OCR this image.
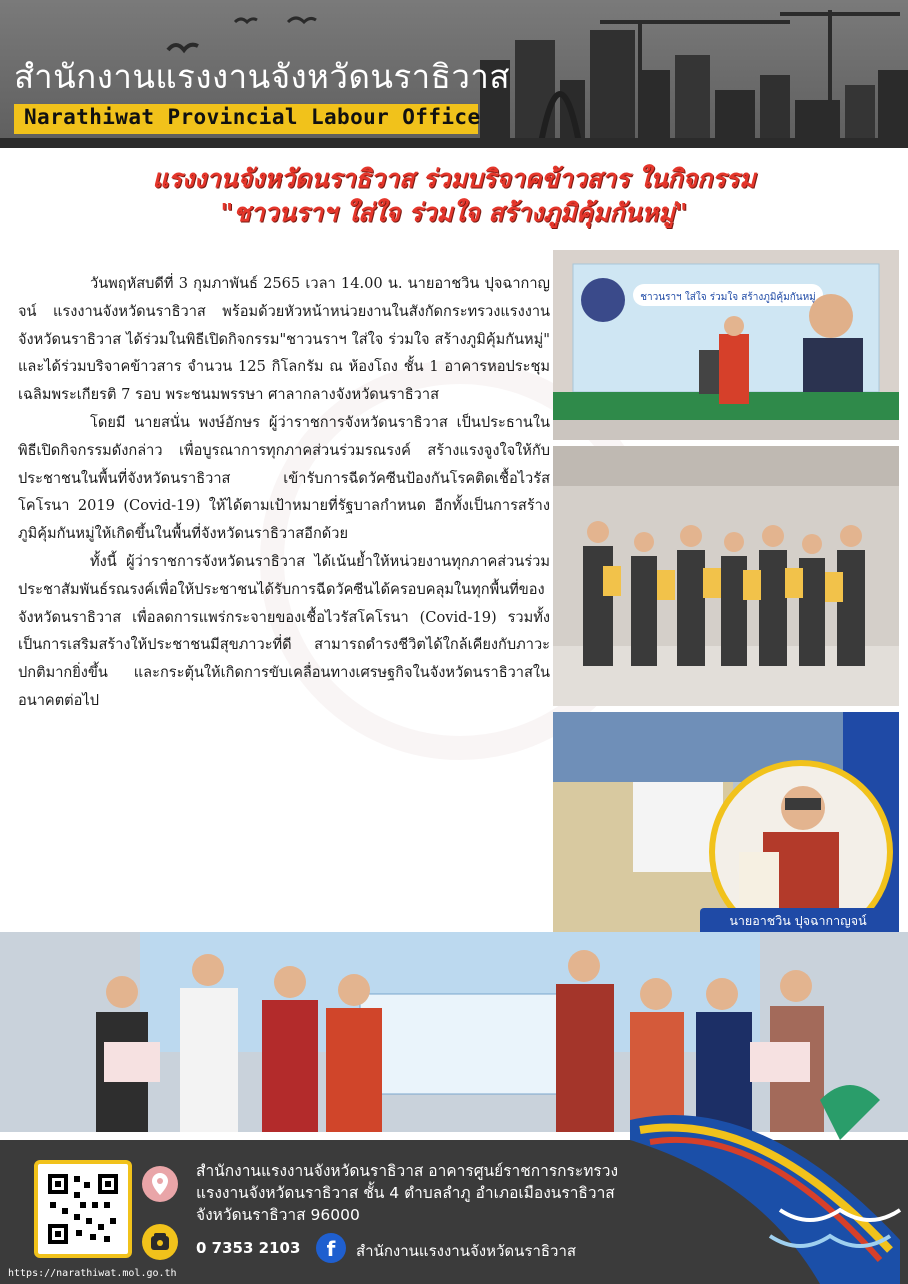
สำนักงานแรงงานจังหวัดนราธิวาส
Narathiwat Provincial Labour Office
แรงงานจังหวัดนราธิวาส ร่วมบริจาคข้าวสาร ในกิจกรรม
"ชาวนราฯ ใส่ใจ ร่วมใจ สร้างภูมิคุ้มกันหมู่"

วันพฤหัสบดีที่ 3 กุมภาพันธ์ 2565 เวลา 14.00 น. นายอาชวิน ปุจฉากาญจน์ แรงงานจังหวัดนราธิวาส พร้อมด้วยหัวหน้าหน่วยงานในสังกัดกระทรวงแรงงานจังหวัดนราธิวาส ได้ร่วมในพิธีเปิดกิจกรรม"ชาวนราฯ ใส่ใจ ร่วมใจ สร้างภูมิคุ้มกันหมู่" และได้ร่วมบริจาคข้าวสาร จำนวน 125 กิโลกรัม ณ ห้องโถง ชั้น 1 อาคารหอประชุมเฉลิมพระเกียรติ 7 รอบ พระชนมพรรษา ศาลากลางจังหวัดนราธิวาส

โดยมี นายสนั่น พงษ์อักษร ผู้ว่าราชการจังหวัดนราธิวาส เป็นประธานในพิธีเปิดกิจกรรมดังกล่าว เพื่อบูรณาการทุกภาคส่วนร่วมรณรงค์ สร้างแรงจูงใจให้กับประชาชนในพื้นที่จังหวัดนราธิวาส เข้ารับการฉีดวัคซีนป้องกันโรคติดเชื้อไวรัสโคโรนา 2019 (Covid-19) ให้ได้ตามเป้าหมายที่รัฐบาลกำหนด อีกทั้งเป็นการสร้างภูมิคุ้มกันหมู่ให้เกิดขึ้นในพื้นที่จังหวัดนราธิวาสอีกด้วย

ทั้งนี้ ผู้ว่าราชการจังหวัดนราธิวาส ได้เน้นย้ำให้หน่วยงานทุกภาคส่วนร่วมประชาสัมพันธ์รณรงค์เพื่อให้ประชาชนได้รับการฉีดวัคซีนได้ครอบคลุมในทุกพื้นที่ของจังหวัดนราธิวาส เพื่อลดการแพร่กระจายของเชื้อไวรัสโคโรนา (Covid-19) รวมทั้งเป็นการเสริมสร้างให้ประชาชนมีสุขภาวะที่ดี สามารถดำรงชีวิตได้ใกล้เคียงกับภาวะปกติมากยิ่งขึ้น และกระตุ้นให้เกิดการขับเคลื่อนทางเศรษฐกิจในจังหวัดนราธิวาสในอนาคตต่อไป

ชาวนราฯ ใส่ใจ ร่วมใจ สร้างภูมิคุ้มกันหมู่
นายอาชวิน ปุจฉากาญจน์
https://narathiwat.mol.go.th
สำนักงานแรงงานจังหวัดนราธิวาส อาคารศูนย์ราชการกระทรวง
แรงงานจังหวัดนราธิวาส ชั้น 4 ตำบลลำภู อำเภอเมืองนราธิวาส
จังหวัดนราธิวาส 96000
0 7353 2103	f	สำนักงานแรงงานจังหวัดนราธิวาส
